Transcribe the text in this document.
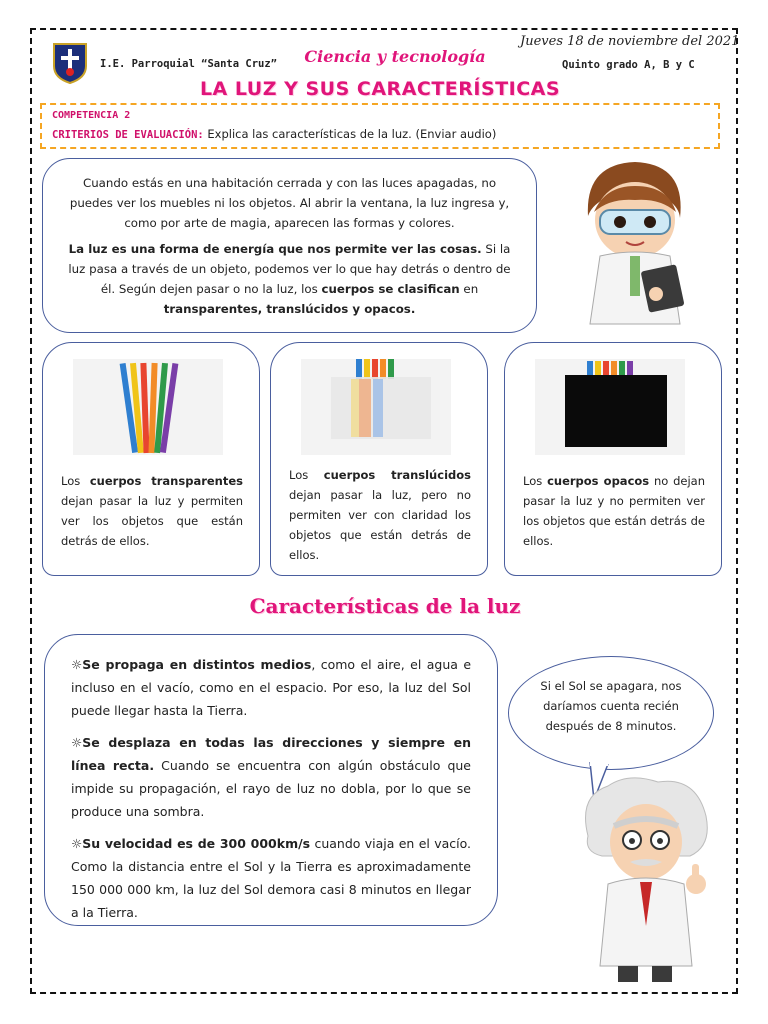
I.E. Parroquial “Santa Cruz” Ciencia y tecnología
Jueves 18 de noviembre del 2021
Quinto grado A, B y C
LA LUZ Y SUS CARACTERÍSTICAS
COMPETENCIA 2
CRITERIOS DE EVALUACIÓN: Explica las características de la luz. (Enviar audio)

Cuando estás en una habitación cerrada y con las luces apagadas, no puedes ver los muebles ni los objetos. Al abrir la ventana, la luz ingresa y, como por arte de magia, aparecen las formas y colores.

La luz es una forma de energía que nos permite ver las cosas. Si la luz pasa a través de un objeto, podemos ver lo que hay detrás o dentro de él. Según dejen pasar o no la luz, los cuerpos se clasifican en transparentes, translúcidos y opacos.

Los cuerpos transparentes dejan pasar la luz y permiten ver los objetos que están detrás de ellos.
Los cuerpos translúcidos dejan pasar la luz, pero no permiten ver con claridad los objetos que están detrás de ellos.
Los cuerpos opacos no dejan pasar la luz y no permiten ver los objetos que están detrás de ellos.
Características de la luz

☼Se propaga en distintos medios, como el aire, el agua e incluso en el vacío, como en el espacio. Por eso, la luz del Sol puede llegar hasta la Tierra.

☼Se desplaza en todas las direcciones y siempre en línea recta. Cuando se encuentra con algún obstáculo que impide su propagación, el rayo de luz no dobla, por lo que se produce una sombra.

☼Su velocidad es de 300 000km/s cuando viaja en el vacío. Como la distancia entre el Sol y la Tierra es aproximadamente 150 000 000 km, la luz del Sol demora casi 8 minutos en llegar a la Tierra.

Si el Sol se apagara, nos daríamos cuenta recién después de 8 minutos.
